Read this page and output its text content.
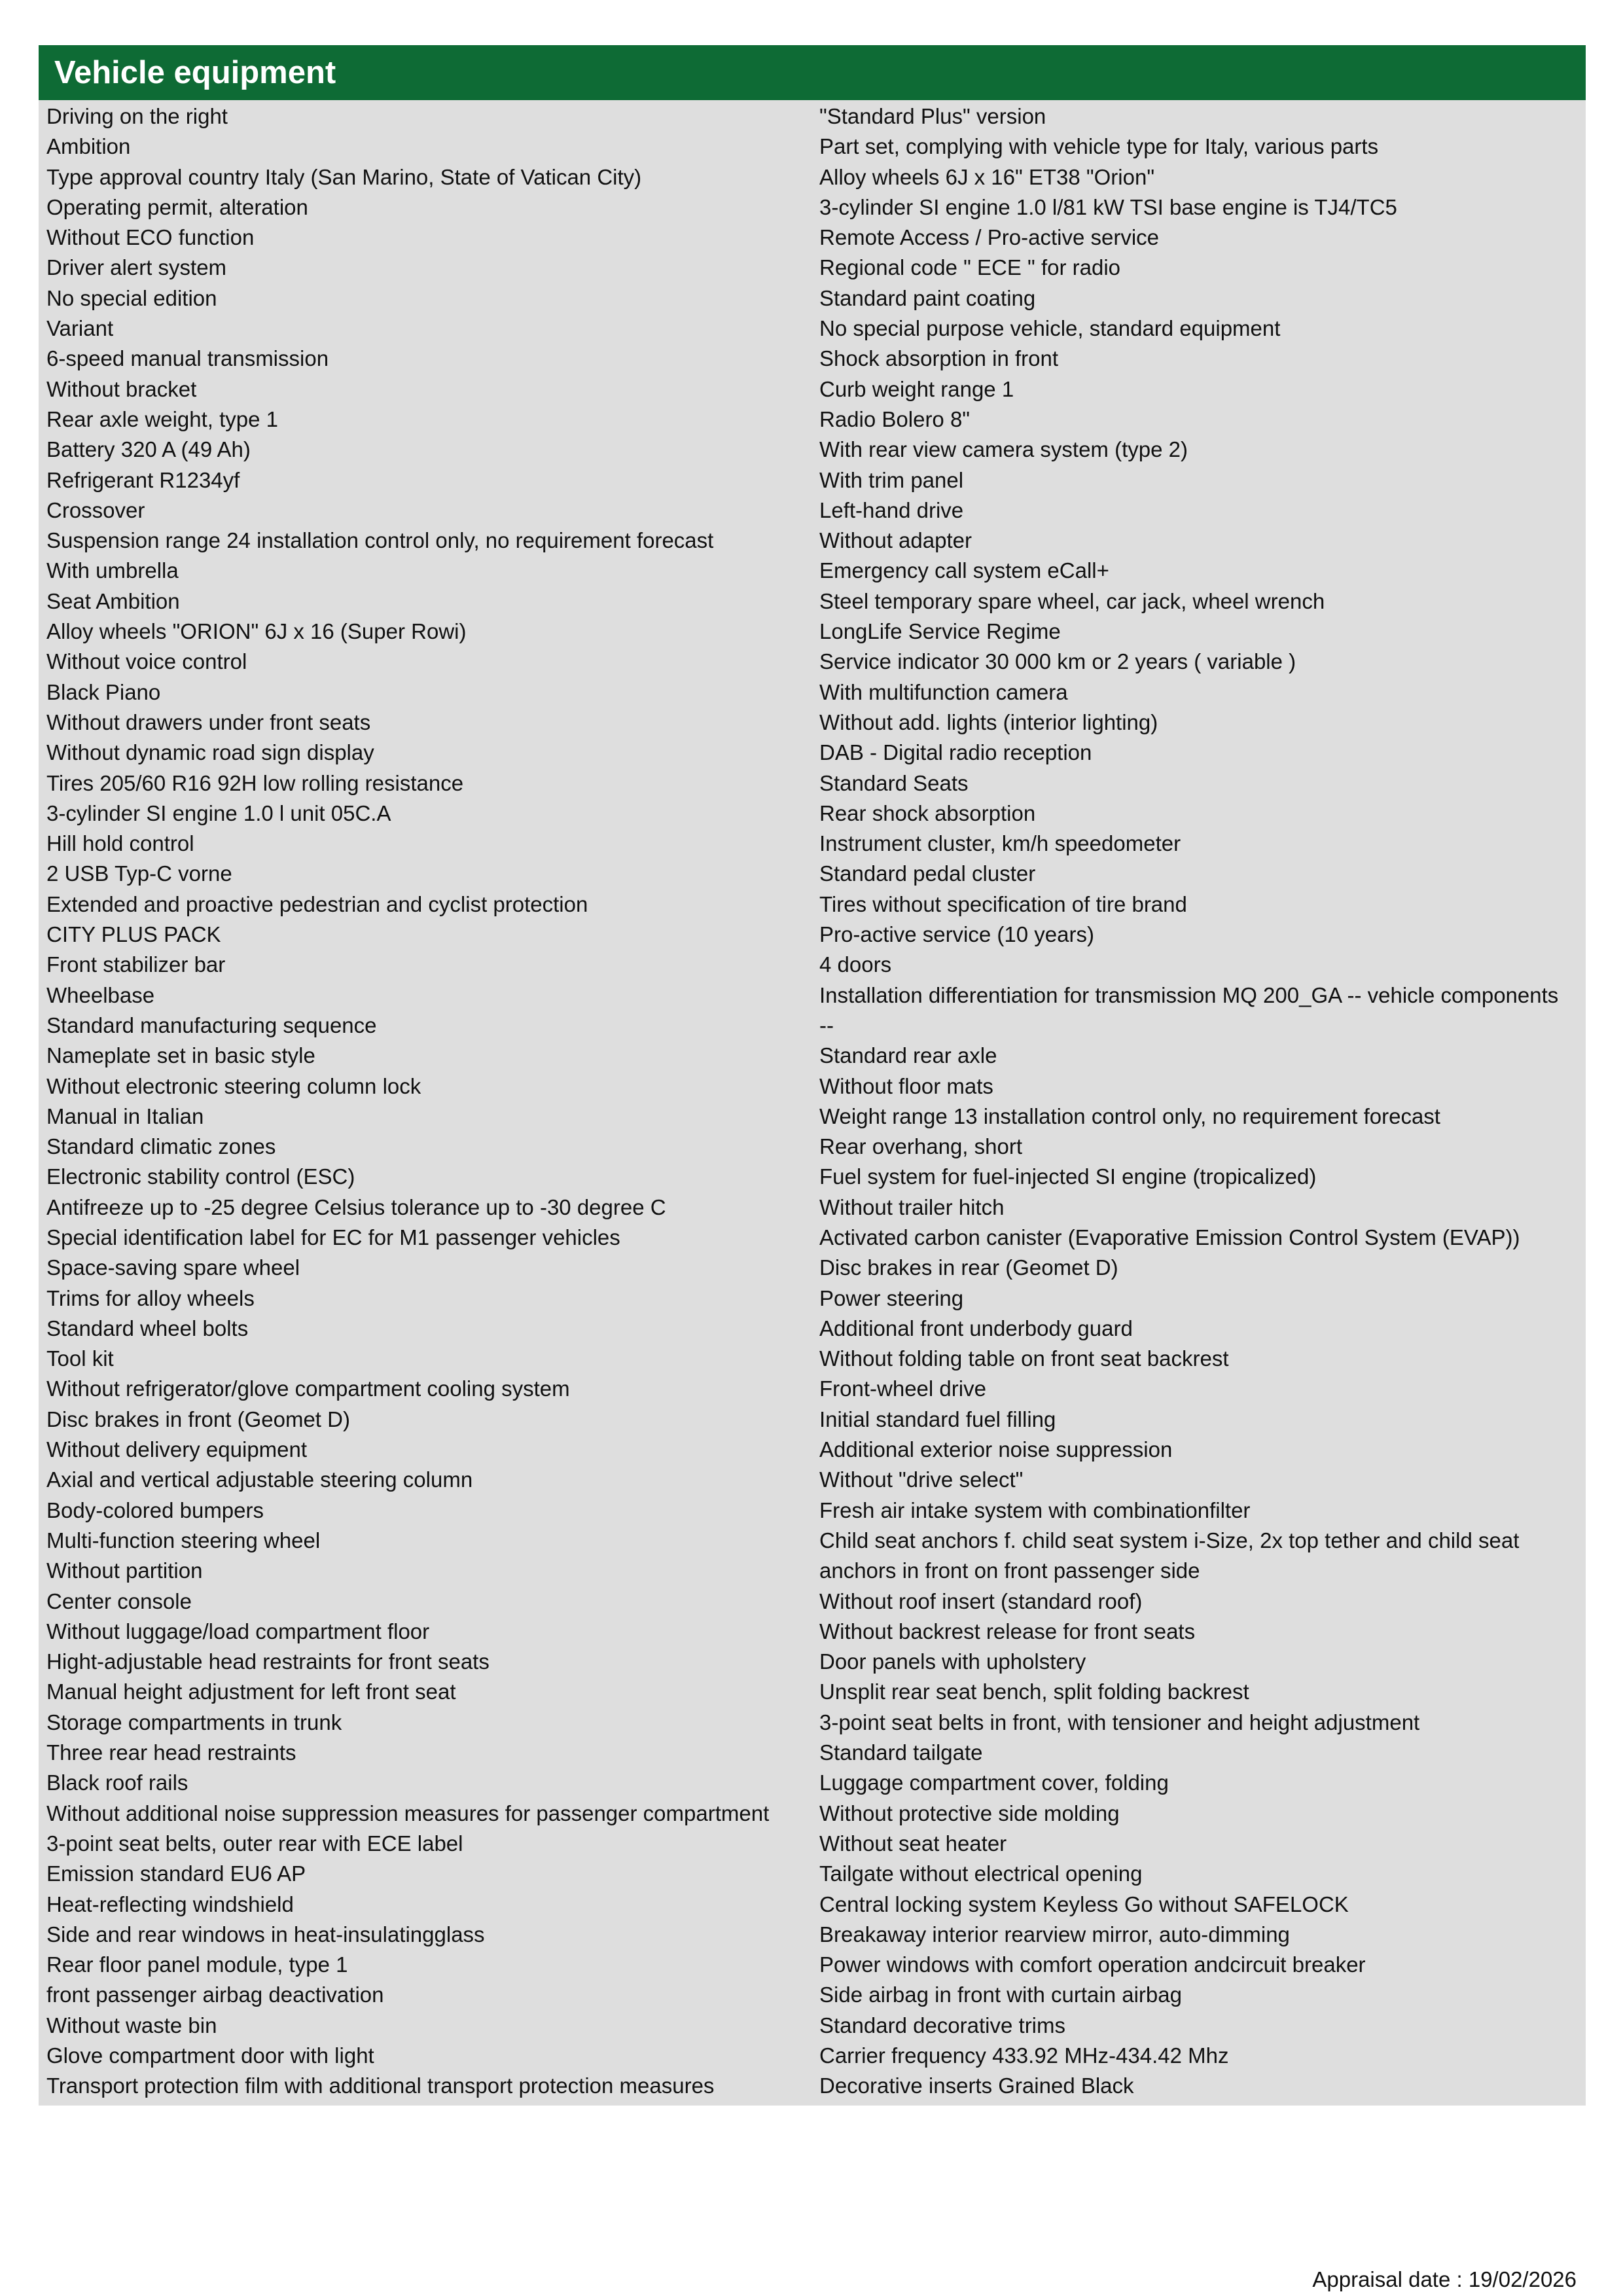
Vehicle equipment
Driving on the right
Ambition
Type approval country Italy (San Marino, State of Vatican City)
Operating permit, alteration
Without ECO function
Driver alert system
No special edition
Variant
6-speed manual transmission
Without bracket
Rear axle weight, type 1
Battery 320 A (49 Ah)
Refrigerant R1234yf
Crossover
Suspension range 24 installation control only, no requirement forecast
With umbrella
Seat Ambition
Alloy wheels "ORION" 6J x 16 (Super Rowi)
Without voice control
Black Piano
Without drawers under front seats
Without dynamic road sign display
Tires 205/60 R16 92H low rolling resistance
3-cylinder SI engine 1.0 l unit 05C.A
Hill hold control
2 USB Typ-C vorne
Extended and proactive pedestrian and cyclist protection
CITY PLUS PACK
Front stabilizer bar
Wheelbase
Standard manufacturing sequence
Nameplate set in basic style
Without electronic steering column lock
Manual in Italian
Standard climatic zones
Electronic stability control (ESC)
Antifreeze up to -25 degree Celsius tolerance up to -30 degree C
Special identification label for EC for M1 passenger vehicles
Space-saving spare wheel
Trims for alloy wheels
Standard wheel bolts
Tool kit
Without refrigerator/glove compartment cooling system
Disc brakes in front (Geomet D)
Without delivery equipment
Axial and vertical adjustable steering column
Body-colored bumpers
Multi-function steering wheel
Without partition
Center console
Without luggage/load compartment floor
Hight-adjustable head restraints for front seats
Manual height adjustment for left front seat
Storage compartments in trunk
Three rear head restraints
Black roof rails
Without additional noise suppression measures for passenger compartment
3-point seat belts, outer rear with ECE label
Emission standard EU6 AP
Heat-reflecting windshield
Side and rear windows in heat-insulatingglass
Rear floor panel module, type 1
front passenger airbag deactivation
Without waste bin
Glove compartment door with light
Transport protection film with additional transport protection measures
"Standard Plus" version
Part set, complying with vehicle type for Italy, various parts
Alloy wheels 6J x 16" ET38 "Orion"
3-cylinder SI engine 1.0 l/81 kW TSI base engine is TJ4/TC5
Remote Access / Pro-active service
Regional code " ECE " for radio
Standard paint coating
No special purpose vehicle, standard equipment
Shock absorption in front
Curb weight range 1
Radio Bolero 8"
With rear view camera system (type 2)
With trim panel
Left-hand drive
Without adapter
Emergency call system eCall+
Steel temporary spare wheel, car jack, wheel wrench
LongLife Service Regime
Service indicator 30 000 km or 2 years ( variable )
With multifunction camera
Without add. lights (interior lighting)
DAB - Digital radio reception
Standard Seats
Rear shock absorption
Instrument cluster, km/h speedometer
Standard pedal cluster
Tires without specification of tire brand
Pro-active service (10 years)
4 doors
Installation differentiation for transmission MQ 200_GA -- vehicle components
--
Standard rear axle
Without floor mats
Weight range 13 installation control only, no requirement forecast
Rear overhang, short
Fuel system for fuel-injected SI engine (tropicalized)
Without trailer hitch
Activated carbon canister (Evaporative Emission Control System (EVAP))
Disc brakes in rear (Geomet D)
Power steering
Additional front underbody guard
Without folding table on front seat backrest
Front-wheel drive
Initial standard fuel filling
Additional exterior noise suppression
Without "drive select"
Fresh air intake system with combinationfilter
Child seat anchors f. child seat system i-Size, 2x top tether and child seat
anchors in front on front passenger side
Without roof insert (standard roof)
Without backrest release for front seats
Door panels with upholstery
Unsplit rear seat bench, split folding backrest
3-point seat belts in front, with tensioner and height adjustment
Standard tailgate
Luggage compartment cover, folding
Without protective side molding
Without seat heater
Tailgate without electrical opening
Central locking system Keyless Go without SAFELOCK
Breakaway interior rearview mirror, auto-dimming
Power windows with comfort operation andcircuit breaker
Side airbag in front with curtain airbag
Standard decorative trims
Carrier frequency 433.92 MHz-434.42 Mhz
Decorative inserts Grained Black
Appraisal date : 19/02/2026
